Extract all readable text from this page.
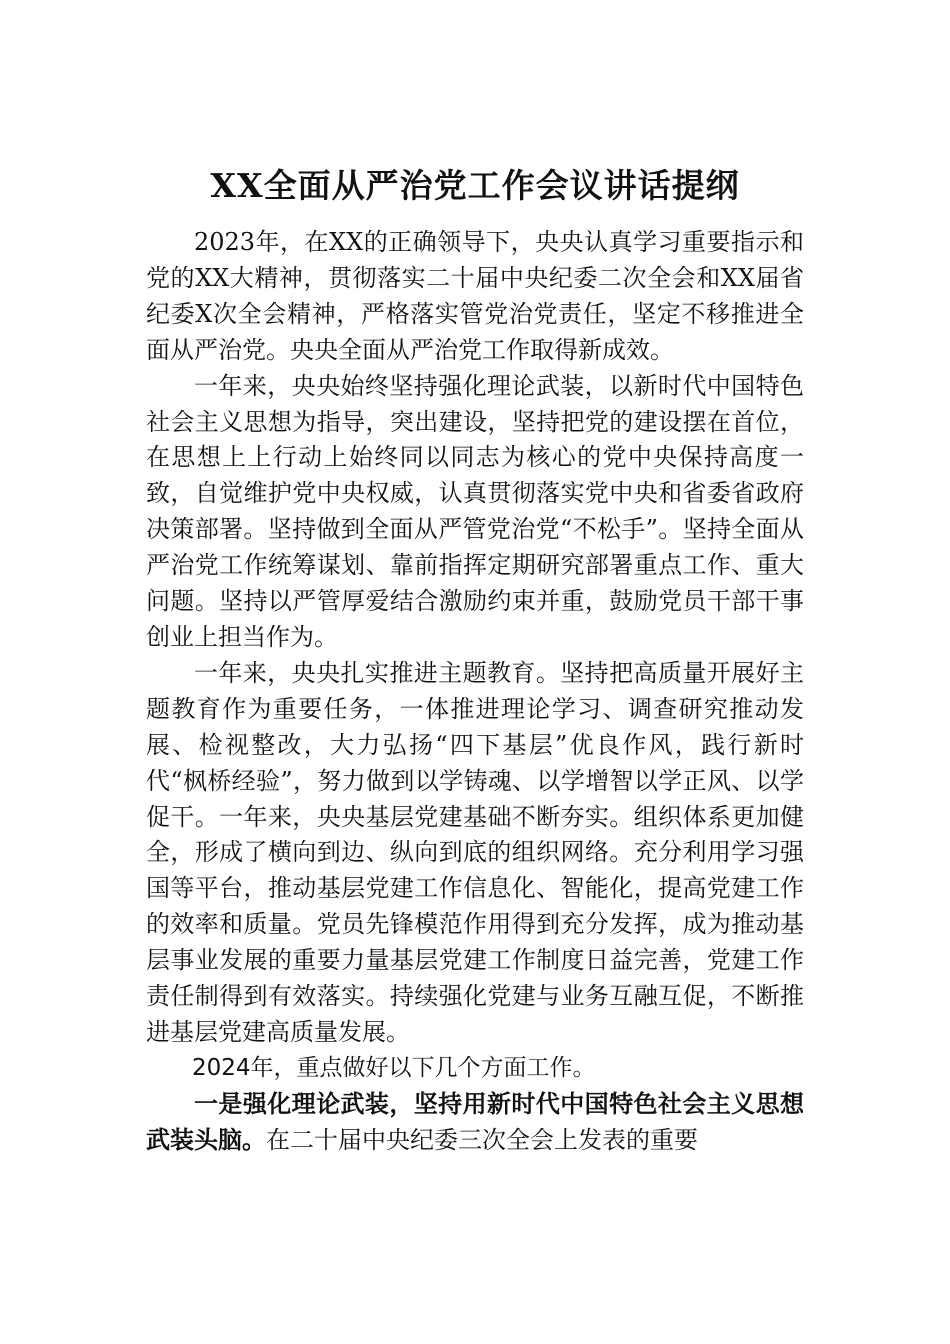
XX全面从严治党工作会议讲话提纲

2023年，在XX的正确领导下，央央认真学习重要指示和党的XX大精神，贯彻落实二十届中央纪委二次全会和XX届省纪委X次全会精神，严格落实管党治党责任，坚定不移推进全面从严治党。央央全面从严治党工作取得新成效。

一年来，央央始终坚持强化理论武装，以新时代中国特色社会主义思想为指导，突出建设，坚持把党的建设摆在首位，在思想上上行动上始终同以同志为核心的党中央保持高度一致，自觉维护党中央权威，认真贯彻落实党中央和省委省政府决策部署。坚持做到全面从严管党治党“不松手”。坚持全面从严治党工作统筹谋划、靠前指挥定期研究部署重点工作、重大问题。坚持以严管厚爱结合激励约束并重，鼓励党员干部干事创业上担当作为。

一年来，央央扎实推进主题教育。坚持把高质量开展好主题教育作为重要任务，一体推进理论学习、调查研究推动发展、检视整改，大力弘扬“四下基层”优良作风，践行新时代“枫桥经验”，努力做到以学铸魂、以学增智以学正风、以学促干。一年来，央央基层党建基础不断夯实。组织体系更加健全，形成了横向到边、纵向到底的组织网络。充分利用学习强国等平台，推动基层党建工作信息化、智能化，提高党建工作的效率和质量。党员先锋模范作用得到充分发挥，成为推动基层事业发展的重要力量基层党建工作制度日益完善，党建工作责任制得到有效落实。持续强化党建与业务互融互促，不断推进基层党建高质量发展。

2024年，重点做好以下几个方面工作。

一是强化理论武装，坚持用新时代中国特色社会主义思想武装头脑。在二十届中央纪委三次全会上发表的重要
